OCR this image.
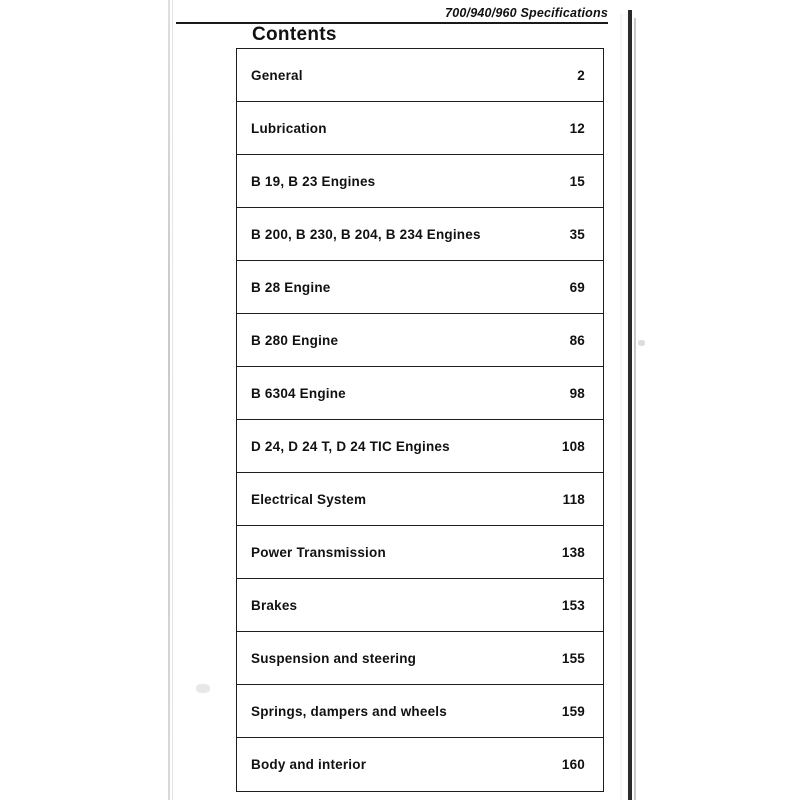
700/940/960 Specifications
Contents
General	2
Lubrication	12
B 19, B 23 Engines	15
B 200, B 230, B 204, B 234 Engines	35
B 28 Engine	69
B 280 Engine	86
B 6304 Engine	98
D 24, D 24 T, D 24 TIC Engines	108
Electrical System	118
Power Transmission	138
Brakes	153
Suspension and steering	155
Springs, dampers and wheels	159
Body and interior	160
